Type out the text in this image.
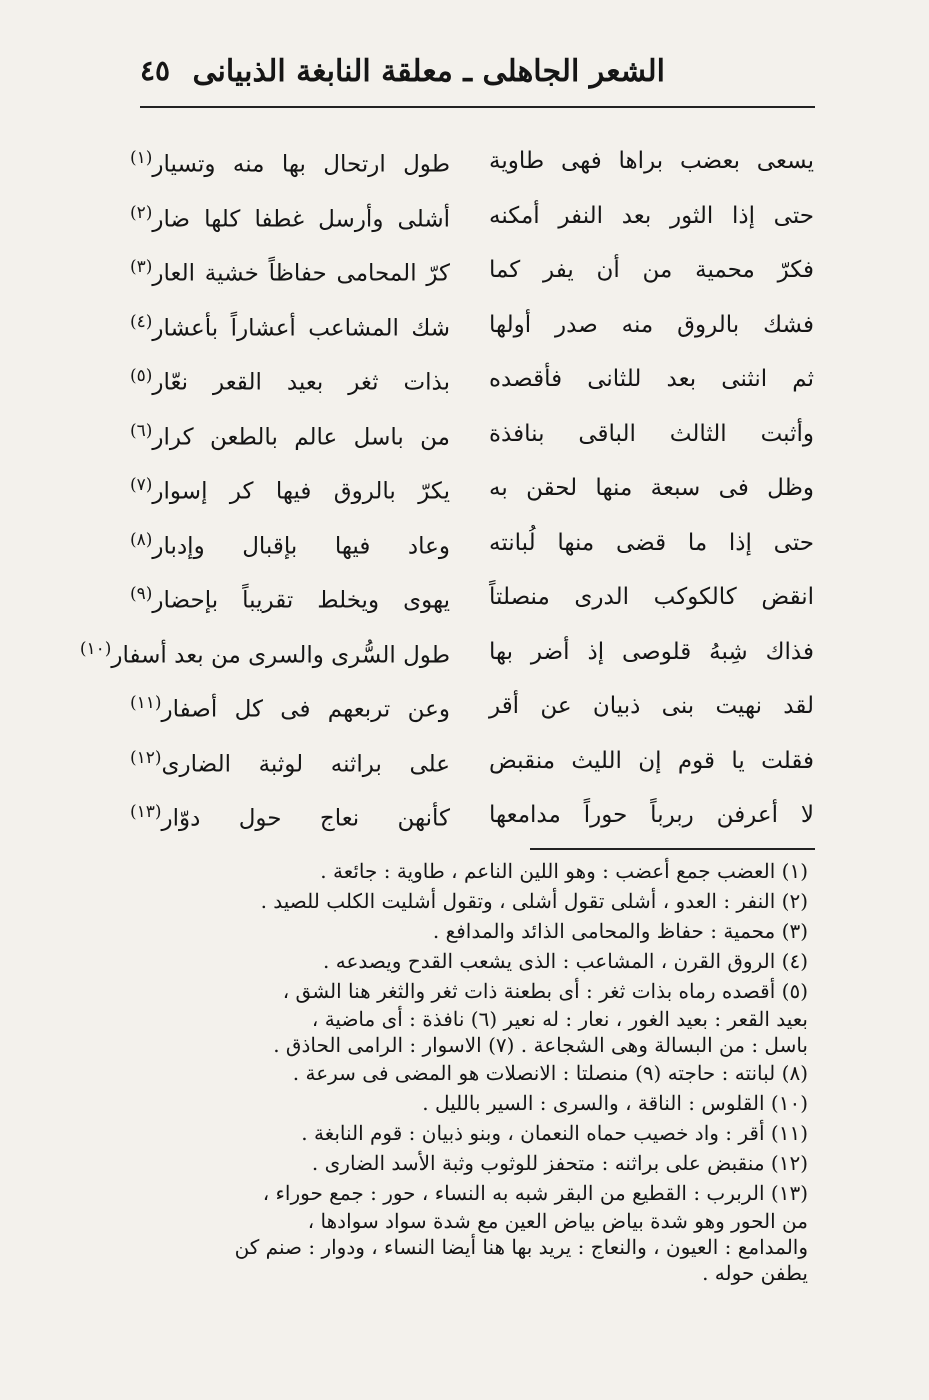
الشعر الجاهلى ـ معلقة النابغة الذبيانى
٤٥
يسعى بعضب براها فهى طاوية
طول ارتحال بها منه وتسيار$^{(١)}$
حتى إذا الثور بعد النفر أمكنه
أشلى وأرسل غطفا كلها ضار$^{(٢)}$
فكرّ محمية من أن يفر كما
كرّ المحامى حفاظاً خشية العار$^{(٣)}$
فشك بالروق منه صدر أولها
شك المشاعب أعشاراً بأعشار$^{(٤)}$
ثم انثنى بعد للثانى فأقصده
بذات ثغر بعيد القعر نعّار$^{(٥)}$
وأثبت الثالث الباقى بنافذة
من باسل عالم بالطعن كرار$^{(٦)}$
وظل فى سبعة منها لحقن به
يكرّ بالروق فيها كر إسوار$^{(٧)}$
حتى إذا ما قضى منها لُبانته
وعاد فيها بإقبال وإدبار$^{(٨)}$
انقض كالكوكب الدرى منصلتاً
يهوى ويخلط تقريباً بإحضار$^{(٩)}$
فذاك شِبهُ قلوصى إذ أضر بها
طول السُّرى والسرى من بعد أسفار$^{(١٠)}$
لقد نهيت بنى ذبيان عن أقر
وعن تربعهم فى كل أصفار$^{(١١)}$
فقلت يا قوم إن الليث منقبض
على براثنه لوثبة الضارى$^{(١٢)}$
لا أعرفن ربرباً حوراً مدامعها
كأنهن نعاج حول دوّار$^{(١٣)}$
(١) العضب جمع أعضب : وهو اللين الناعم ، طاوية : جائعة .
(٢) النفر : العدو ، أشلى تقول أشلى ، وتقول أشليت الكلب للصيد .
(٣) محمية : حفاظ والمحامى الذائد والمدافع .
(٤) الروق القرن ، المشاعب : الذى يشعب القدح ويصدعه .
(٥) أقصده رماه بذات ثغر : أى بطعنة ذات ثغر والثغر هنا الشق ،
بعيد القعر : بعيد الغور ، نعار : له نعير (٦) نافذة : أى ماضية ،
باسل : من البسالة وهى الشجاعة . (٧) الاسوار : الرامى الحاذق .
(٨) لبانته : حاجته (٩) منصلتا : الانصلات هو المضى فى سرعة .
(١٠) القلوس : الناقة ، والسرى : السير بالليل .
(١١) أقر : واد خصيب حماه النعمان ، وبنو ذبيان : قوم النابغة .
(١٢) منقبض على براثنه : متحفز للوثوب وثبة الأسد الضارى .
(١٣) الربرب : القطيع من البقر شبه به النساء ، حور : جمع حوراء ،
من الحور وهو شدة بياض بياض العين مع شدة سواد سوادها ،
والمدامع : العيون ، والنعاج : يريد بها هنا أيضا النساء ، ودوار : صنم كن
يطفن حوله .
